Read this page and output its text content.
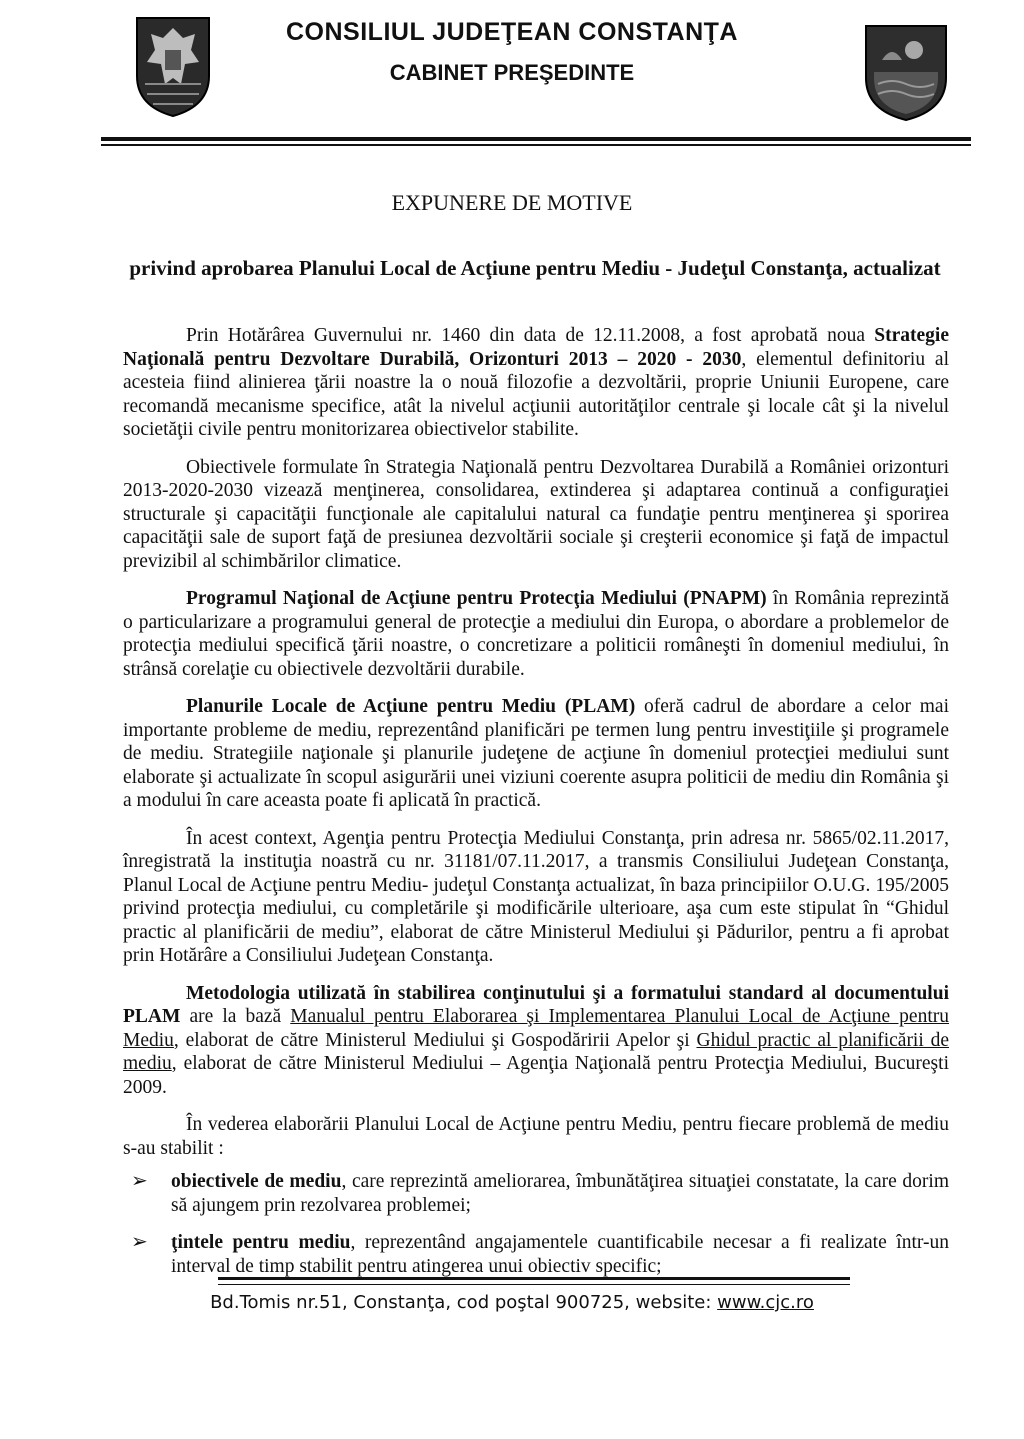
CONSILIUL JUDEŢEAN CONSTANŢA
CABINET PREŞEDINTE
EXPUNERE DE MOTIVE
privind aprobarea Planului Local de Acţiune pentru Mediu - Judeţul Constanţa, actualizat

Prin Hotărârea Guvernului nr. 1460 din data de 12.11.2008, a fost aprobată noua Strategie Naţională pentru Dezvoltare Durabilă, Orizonturi 2013 – 2020 - 2030, elementul definitoriu al acesteia fiind alinierea ţării noastre la o nouă filozofie a dezvoltării, proprie Uniunii Europene, care recomandă mecanisme specifice, atât la nivelul acţiunii autorităţilor centrale şi locale cât şi la nivelul societăţii civile pentru monitorizarea obiectivelor stabilite.

Obiectivele formulate în Strategia Naţională pentru Dezvoltarea Durabilă a României orizonturi 2013-2020-2030 vizează menţinerea, consolidarea, extinderea şi adaptarea continuă a configuraţiei structurale şi capacităţii funcţionale ale capitalului natural ca fundaţie pentru menţinerea şi sporirea capacităţii sale de suport faţă de presiunea dezvoltării sociale şi creşterii economice şi faţă de impactul previzibil al schimbărilor climatice.

Programul Naţional de Acţiune pentru Protecţia Mediului (PNAPM) în România reprezintă o particularizare a programului general de protecţie a mediului din Europa, o abordare a problemelor de protecţia mediului specifică ţării noastre, o concretizare a politicii româneşti în domeniul mediului, în strânsă corelaţie cu obiectivele dezvoltării durabile.

Planurile Locale de Acţiune pentru Mediu (PLAM) oferă cadrul de abordare a celor mai importante probleme de mediu, reprezentând planificări pe termen lung pentru investiţiile şi programele de mediu. Strategiile naţionale şi planurile judeţene de acţiune în domeniul protecţiei mediului sunt elaborate şi actualizate în scopul asigurării unei viziuni coerente asupra politicii de mediu din România şi a modului în care aceasta poate fi aplicată în practică.

În acest context, Agenţia pentru Protecţia Mediului Constanţa, prin adresa nr. 5865/02.11.2017, înregistrată la instituţia noastră cu nr. 31181/07.11.2017, a transmis Consiliului Judeţean Constanţa, Planul Local de Acţiune pentru Mediu- judeţul Constanţa actualizat, în baza principiilor O.U.G. 195/2005 privind protecţia mediului, cu completările şi modificările ulterioare, aşa cum este stipulat în “Ghidul practic al planificării de mediu”, elaborat de către Ministerul Mediului şi Pădurilor, pentru a fi aprobat prin Hotărâre a Consiliului Judeţean Constanţa.

Metodologia utilizată în stabilirea conţinutului şi a formatului standard al documentului PLAM are la bază Manualul pentru Elaborarea şi Implementarea Planului Local de Acţiune pentru Mediu, elaborat de către Ministerul Mediului şi Gospodăririi Apelor şi Ghidul practic al planificării de mediu, elaborat de către Ministerul Mediului – Agenţia Naţională pentru Protecţia Mediului, Bucureşti 2009.

În vederea elaborării Planului Local de Acţiune pentru Mediu, pentru fiecare problemă de mediu s-au stabilit :

➢ obiectivele de mediu, care reprezintă ameliorarea, îmbunătăţirea situaţiei constatate, la care dorim să ajungem prin rezolvarea problemei;
➢ ţintele pentru mediu, reprezentând angajamentele cuantificabile necesar a fi realizate într-un interval de timp stabilit pentru atingerea unui obiectiv specific;
Bd.Tomis nr.51, Constanţa, cod poştal 900725, website: www.cjc.ro
